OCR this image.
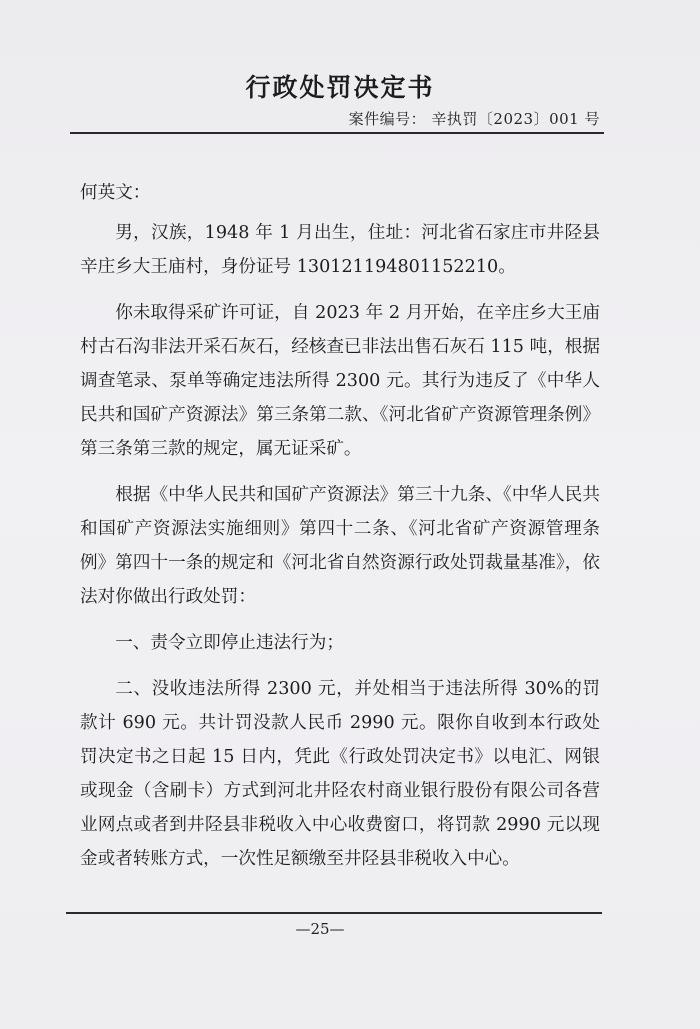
行政处罚决定书
案件编号： 辛执罚〔2023〕001 号

何英文：

男，汉族，1948 年 1 月出生，住址：河北省石家庄市井陉县辛庄乡大王庙村，身份证号 130121194801152210。

你未取得采矿许可证，自 2023 年 2 月开始，在辛庄乡大王庙村古石沟非法开采石灰石，经核查已非法出售石灰石 115 吨，根据调查笔录、泵单等确定违法所得 2300 元。其行为违反了《中华人民共和国矿产资源法》第三条第二款、《河北省矿产资源管理条例》第三条第三款的规定，属无证采矿。

根据《中华人民共和国矿产资源法》第三十九条、《中华人民共和国矿产资源法实施细则》第四十二条、《河北省矿产资源管理条例》第四十一条的规定和《河北省自然资源行政处罚裁量基准》，依法对你做出行政处罚：

一、责令立即停止违法行为；

二、没收违法所得 2300 元，并处相当于违法所得 30%的罚款计 690 元。共计罚没款人民币 2990 元。限你自收到本行政处罚决定书之日起 15 日内，凭此《行政处罚决定书》以电汇、网银或现金（含刷卡）方式到河北井陉农村商业银行股份有限公司各营业网点或者到井陉县非税收入中心收费窗口，将罚款 2990 元以现金或者转账方式，一次性足额缴至井陉县非税收入中心。

—25—
